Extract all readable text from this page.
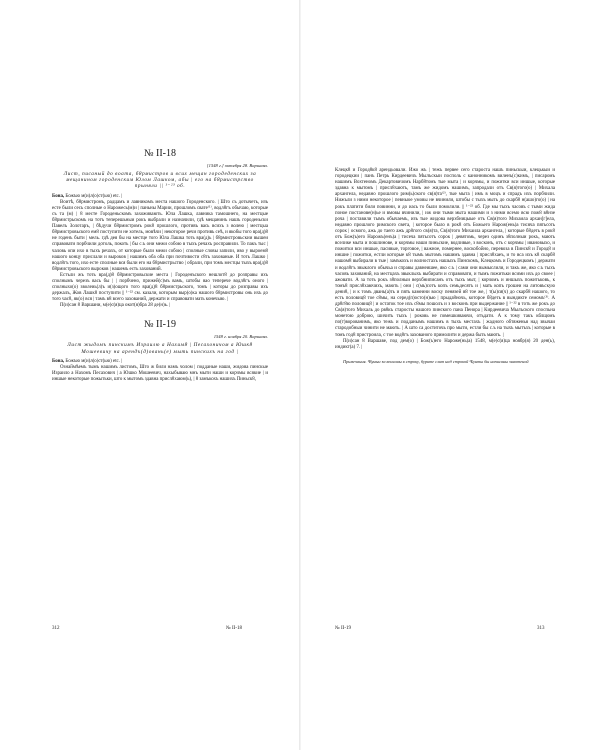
№ II-18
[1548 г.] октября 28. Варшава.
Лист, писаный до воата, б8рмистров и всих мещан городеденских за мещанином городенским Юлом Лашком, абы | его на б8рмистрство прыняли || ¹⁻²³ об.

Бона, Божъю м(и)л(о)ст(ью) etc. |

Воитѣ, б8рмистромъ, радцамъ и лавникомъ места нашого Городенского. | Што съ дотычеть, изъ есте были сесь сполные о Нарожесь(м)и | паньны Марии, прошломъ свате⁽¹⁾, водл8гъ обычаю, которые съ та (м) | 8 месте Городеньскомъ захоживають. Юла Лашка, лавника тамошнего, на местцыe б8рмистрьскомъ на тотъ теперешьныи рокъ выбрали и назначили, гдѣ мещанинъ нашъ городеньски Павелъ Золотаръ, | бѣдучи б8рмистромъ рок8 прошлого, противъ вась всихъ з волею | местцыa б8рмистровьского ем8 поступити не хотель, мовѣчи | некоторое речи противъ сеѣ, и якобы того вра(д)8 не годенъ быти | мель. гдѣ дея бы на местцe того Юла Лашка тоть вра(д)ь | б8рмистровьскии вышеи справовати порбчили дотоль, покоть | бы с.ъ они межи собою в тыхъ речахъ росправили. То пакъ тыс | чаловь опи ихо в тыхъ речахъ, от которые были межи собою | сполные словы запили, иво у выроем8 нашого концу прислали и выроков | нашимъ оба оба при почтивости с8ть захованые. И тоть Лашко | водл8гъ того, ихо есте сполные вся были его на б8рмистрьство | обрали, при томъ местцы тыхъ вра(д)8 б8рмистровьского выроков | нашемъ есть захований.

Естъли жъ тоть вра(д)8 б8рмистровьские места | Городенъского нешлот8 до розправы ихъ сполнымъ черезъ вась бы | | порбчено, прижей(с)мъ вамъ, штобы вао теперече водл8гъ оного | сполныхо(о) зволеиь(л)ъ и(з)ощого того вра(д)8 б8рмистрьского, томъ | которы до розправы ихъ держалъ, Жов Лашк8 поступити || ¹⁻²² см. казали, которым выр(о)кa нашого б8рмистровы онь ихъ до того час8, як(о) вся | тамъ в8 всего захований, держати и справовати мать конечыю. |

П(и)сан 8 Варшани, м(е)с(я)ца окот(я)бра 28 де(н)ь. |

№ II-19
1548 г. ноября 20. Варшава.
Лист жыдомъ пинскимъ Израилю а Нахим8 | Песахоничом а Юшк8 Мошеевичу на арендъ(д)овань(е) мыть пинскихъ на год |

Бона, Божъю м(и)л(о)ст(ью) etc. |

Ознаймѣемъ тымъ нашимъ листомъ, Што ж били намъ чолом | подданые наши, жидова пинскые Израило а Нахомъ Песахович | а Юшко Мошеевич, нахыбываю мнъ мыти наши и корчмы всякие | и иншые некоторые пожытьки, што к мытомъ здавна присл8хаюм(ь), | 8 замъкохъ нашихъ Пиньск8,

312	№ II-18

Клецк8 и Город8к8 арендьовали. Ижо жъ | тежъ первее сего староста нашъ пиньскыи, клецькыи и городецкии | панъ Петрь Кирдеевичъ Мылъскыи посполь с канонникомъ виленъ(с)кимъ, | писаромъ нашимъ Вохтеномъ Декартовичомъ Нарб8томъ тые мыта | и корчмы, и пожитки вси иншые, которые здавна к мытомъ | присл8хають, тамъ же жидомъ нашимъ, запродали отъ Св(я)того(о) | Михала архангела, недавно прошлого рим(ь)ского св(я)та⁽²⁾, тые мыта | имъ в моцъ и спрадъ ихъ порбчили. Нижъли з ними некоторое | певныое умовы не вчинили, штобы с тыхъ мыть до скарб8 н(ашо)го(о) | на рокъ платити били повинни, и до иась то были помолили. || ¹⁻²² об. Где мы тыхъ часовъ с тыми жида поное постанове(н)ье и вмовы вчинили, | иж они тыми мыта нашими и з ними всемо всю пож8 в8нзе роча | поставили тымъ обычаемъ, изъ тые жидова верхбницыые отъ Св(я)того Михаила архан[г]ела, недавно прошлого римского света, | которое было в рок8 отъ Божьего Нарож(ень)а тисяча пятьсоть сорок | осмого, ажь до таего ажъ др8гого св(я)та, Св(я)того Михаила архангела, | которые б8деть в рок8 отъ Бож(ъ)его Нарожъ(енъ)а | тисеча пятьсотъ сорок | девятомь, через одинъ з8полныи рокъ, мають вселике мыта и пошлинове, и корчмы наши пиньские, водливые, з восконъ, отъ с корчмы | ивановыхо, и пожитки вси иншые, пасивые, торговое, | важное, помернее, воскобойно, перевоза в Пинск8 и Город8 и иншие | пожитки, естли которые к8 тымъ мытомъ нашимъ здавна | присл8хаеъ, и то вса ихъ к8 скарб8 нашом8 выбирали в тые | замъкохъ и волностахъ нашыхъ Пинскомъ, Клецкомъ и Городецкомъ | держати и водл8гъ звыклого обычьа и справы давнеишее, яко с.ъ | сами они вымыслили, и такъ же, яко с.ъ тыхъ часовъ захований, на местцахъ звыклыхъ выбирати и справовати, и тымъ пожитьки всими ихъ до своее | ажовати. А за тоть рокъ з8полныи верхбниписанъ отъ тыхъ мыт, | корчомъ и иншыхъ пожитьковъ, к томъ8 присл8хаючихъ, мають | они | с(мь)сотъ копъ семьдесятъ и | мать копъ грошеи на литовъскую дени8, | и к томъ двань(а)ть и пять камеини воску пенязей в8 тое же, | т(ы)ся(ч) до скарб8 нашого, то есть половиц8 тое с8мы, на серед(п)осто(н)ью | прыда8ночь, которое б8деть в вындикте семомъ⁽³⁾. А др8г8ю половиц8 | и остаток тое ихъ с8мы пошолъ и з восконъ при выдержание || ¹⁻²² в тоть же рокъ до Св(я)того Михаль до рв8къ старосты нашого пинского пана Пенора | Кирдеевича Мылъского споспьна монетою доброю, шичить тыхъ | роковь не помешкиваючи, отъдати. А к тому такъ кблщомъ по(т)ворованимъ, яко тежъ и подданымъ нашимъ в тыхъ местахъ | жадного обтяженья над звычаи стародобныи чинити не мають. | А што са доститочь про мыти, естли бы с.ъ на тыхъ мытъхъ | которые в томъ год8 пристроила, с тое вод8гъ захованого примолити и держа быть мають. |

П(и)сан 8 Варшаве, под дем(о) | Бож(ъ)его Нароже(нь)а) 1548, м(е)с(я)ца ноябр(я) 20 ден(ь), индикт(а) 7. |

Примечания. ¹Вуныи за вписаны в строку, бурите слит над строкой ²Бунты бы написаны знаотеной

№ II-19	313
